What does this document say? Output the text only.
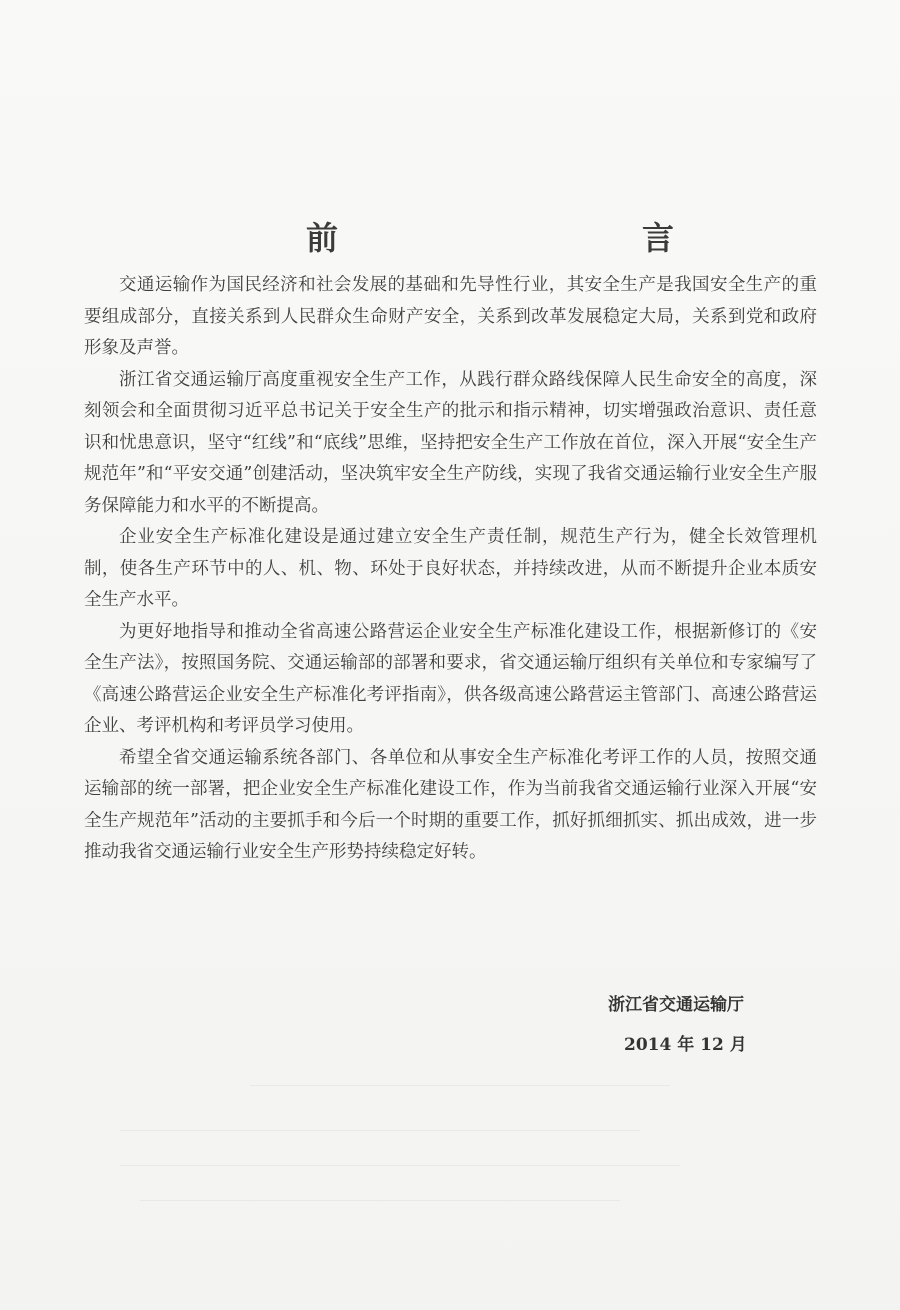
前　　言

交通运输作为国民经济和社会发展的基础和先导性行业，其安全生产是我国安全生产的重要组成部分，直接关系到人民群众生命财产安全，关系到改革发展稳定大局，关系到党和政府形象及声誉。

浙江省交通运输厅高度重视安全生产工作，从践行群众路线保障人民生命安全的高度，深刻领会和全面贯彻习近平总书记关于安全生产的批示和指示精神，切实增强政治意识、责任意识和忧患意识，坚守“红线”和“底线”思维，坚持把安全生产工作放在首位，深入开展“安全生产规范年”和“平安交通”创建活动，坚决筑牢安全生产防线，实现了我省交通运输行业安全生产服务保障能力和水平的不断提高。

企业安全生产标准化建设是通过建立安全生产责任制，规范生产行为，健全长效管理机制，使各生产环节中的人、机、物、环处于良好状态，并持续改进，从而不断提升企业本质安全生产水平。

为更好地指导和推动全省高速公路营运企业安全生产标准化建设工作，根据新修订的《安全生产法》，按照国务院、交通运输部的部署和要求，省交通运输厅组织有关单位和专家编写了《高速公路营运企业安全生产标准化考评指南》，供各级高速公路营运主管部门、高速公路营运企业、考评机构和考评员学习使用。

希望全省交通运输系统各部门、各单位和从事安全生产标准化考评工作的人员，按照交通运输部的统一部署，把企业安全生产标准化建设工作，作为当前我省交通运输行业深入开展“安全生产规范年”活动的主要抓手和今后一个时期的重要工作，抓好抓细抓实、抓出成效，进一步推动我省交通运输行业安全生产形势持续稳定好转。

浙江省交通运输厅
2014 年 12 月
